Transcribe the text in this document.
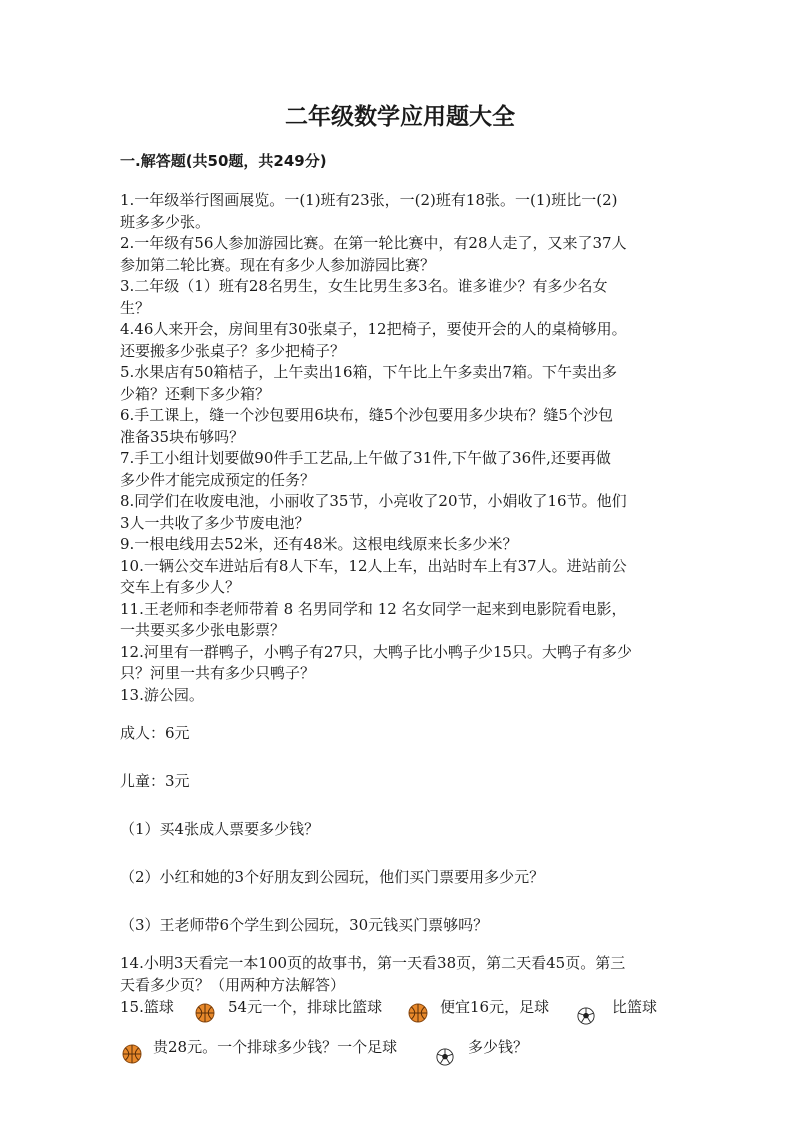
二年级数学应用题大全
一.解答题(共50题，共249分)
1.一年级举行图画展览。一(1)班有23张，一(2)班有18张。一(1)班比一(2)
班多多少张。
2.一年级有56人参加游园比赛。在第一轮比赛中，有28人走了，又来了37人
参加第二轮比赛。现在有多少人参加游园比赛？
3.二年级（1）班有28名男生，女生比男生多3名。谁多谁少？有多少名女
生？
4.46人来开会，房间里有30张桌子，12把椅子，要使开会的人的桌椅够用。
还要搬多少张桌子？多少把椅子？
5.水果店有50箱桔子，上午卖出16箱，下午比上午多卖出7箱。下午卖出多
少箱？还剩下多少箱？
6.手工课上，缝一个沙包要用6块布，缝5个沙包要用多少块布？缝5个沙包
准备35块布够吗？
7.手工小组计划要做90件手工艺品,上午做了31件,下午做了36件,还要再做
多少件才能完成预定的任务？
8.同学们在收废电池，小丽收了35节，小亮收了20节，小娟收了16节。他们
3人一共收了多少节废电池？
9.一根电线用去52米，还有48米。这根电线原来长多少米？
10.一辆公交车进站后有8人下车，12人上车，出站时车上有37人。进站前公
交车上有多少人？
11.王老师和李老师带着 8 名男同学和 12 名女同学一起来到电影院看电影，
一共要买多少张电影票？
12.河里有一群鸭子，小鸭子有27只，大鸭子比小鸭子少15只。大鸭子有多少
只？河里一共有多少只鸭子？
13.游公园。
成人：6元
儿童：3元
（1）买4张成人票要多少钱？
（2）小红和她的3个好朋友到公园玩，他们买门票要用多少元？
（3）王老师带6个学生到公园玩，30元钱买门票够吗？
14.小明3天看完一本100页的故事书，第一天看38页，第二天看45页。第三
天看多少页？（用两种方法解答）
15.篮球	54元一个，排球比篮球	便宜16元，足球	比篮球
贵28元。一个排球多少钱？一个足球	多少钱？
